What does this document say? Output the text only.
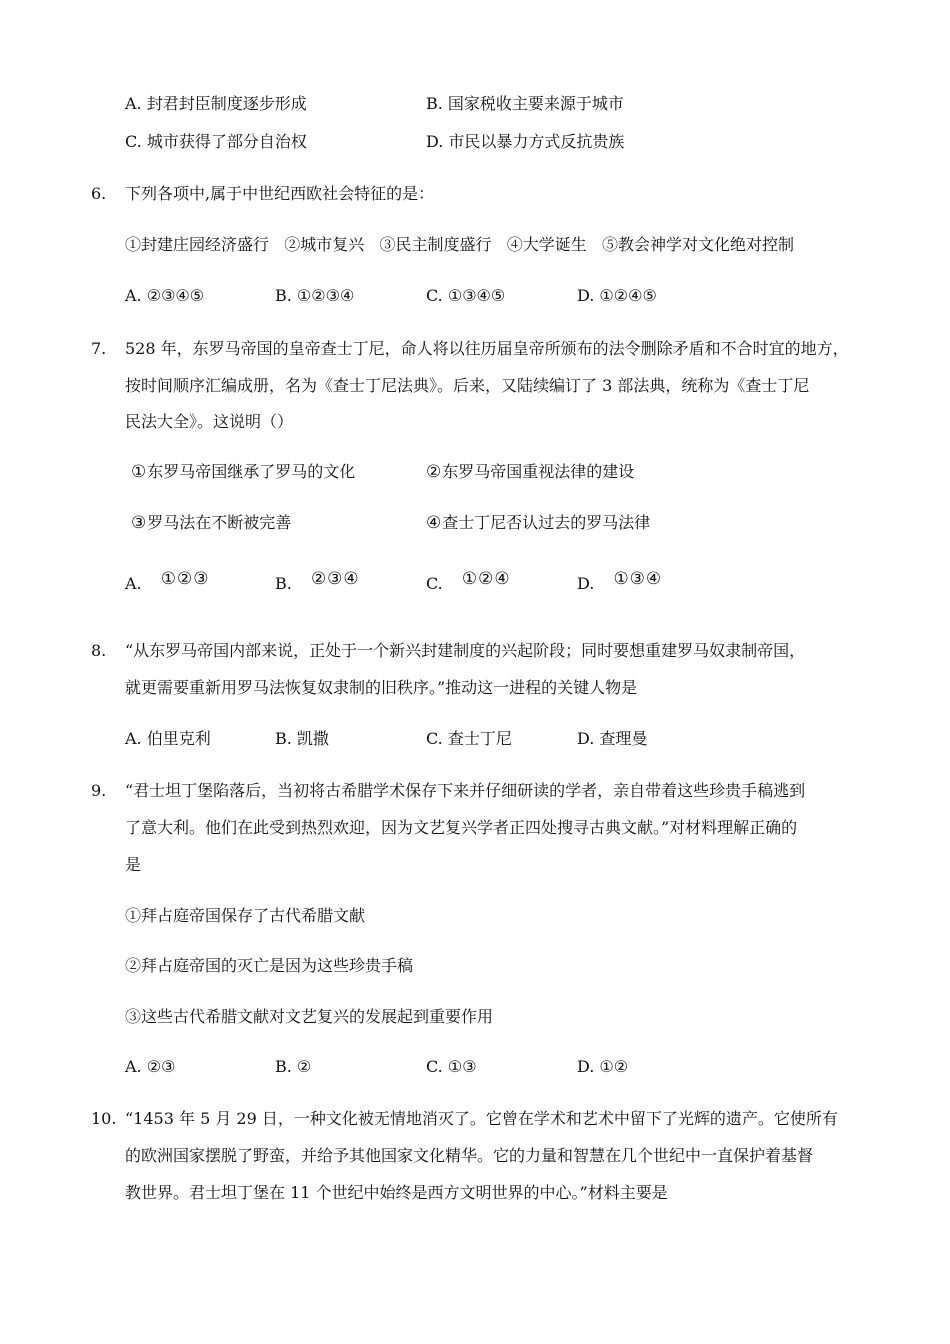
A. 封君封臣制度逐步形成	B. 国家税收主要来源于城市
C. 城市获得了部分自治权	D. 市民以暴力方式反抗贵族
6. 下列各项中,属于中世纪西欧社会特征的是：
①封建庄园经济盛行   ②城市复兴   ③民主制度盛行   ④大学诞生   ⑤教会神学对文化绝对控制
A. ②③④⑤	B. ①②③④	C. ①③④⑤	D. ①②④⑤
7. 528 年，东罗马帝国的皇帝查士丁尼，命人将以往历届皇帝所颁布的法令删除矛盾和不合时宜的地方，
按时间顺序汇编成册，名为《查士丁尼法典》。后来，又陆续编订了 3 部法典，统称为《查士丁尼
民法大全》。这说明（）
①东罗马帝国继承了罗马的文化	②东罗马帝国重视法律的建设
③罗马法在不断被完善	④查士丁尼否认过去的罗马法律
A. ①②③	B. ②③④	C. ①②④	D. ①③④
8. “从东罗马帝国内部来说，正处于一个新兴封建制度的兴起阶段；同时要想重建罗马奴隶制帝国，
就更需要重新用罗马法恢复奴隶制的旧秩序。”推动这一进程的关键人物是
A. 伯里克利	B. 凯撒	C. 查士丁尼	D. 查理曼
9. “君士坦丁堡陷落后，当初将古希腊学术保存下来并仔细研读的学者，亲自带着这些珍贵手稿逃到
了意大利。他们在此受到热烈欢迎，因为文艺复兴学者正四处搜寻古典文献。”对材料理解正确的
是
①拜占庭帝国保存了古代希腊文献
②拜占庭帝国的灭亡是因为这些珍贵手稿
③这些古代希腊文献对文艺复兴的发展起到重要作用
A. ②③	B. ②	C. ①③	D. ①②
10. “1453 年 5 月 29 日，一种文化被无情地消灭了。它曾在学术和艺术中留下了光辉的遗产。它使所有
的欧洲国家摆脱了野蛮，并给予其他国家文化精华。它的力量和智慧在几个世纪中一直保护着基督
教世界。君士坦丁堡在 11 个世纪中始终是西方文明世界的中心。”材料主要是
